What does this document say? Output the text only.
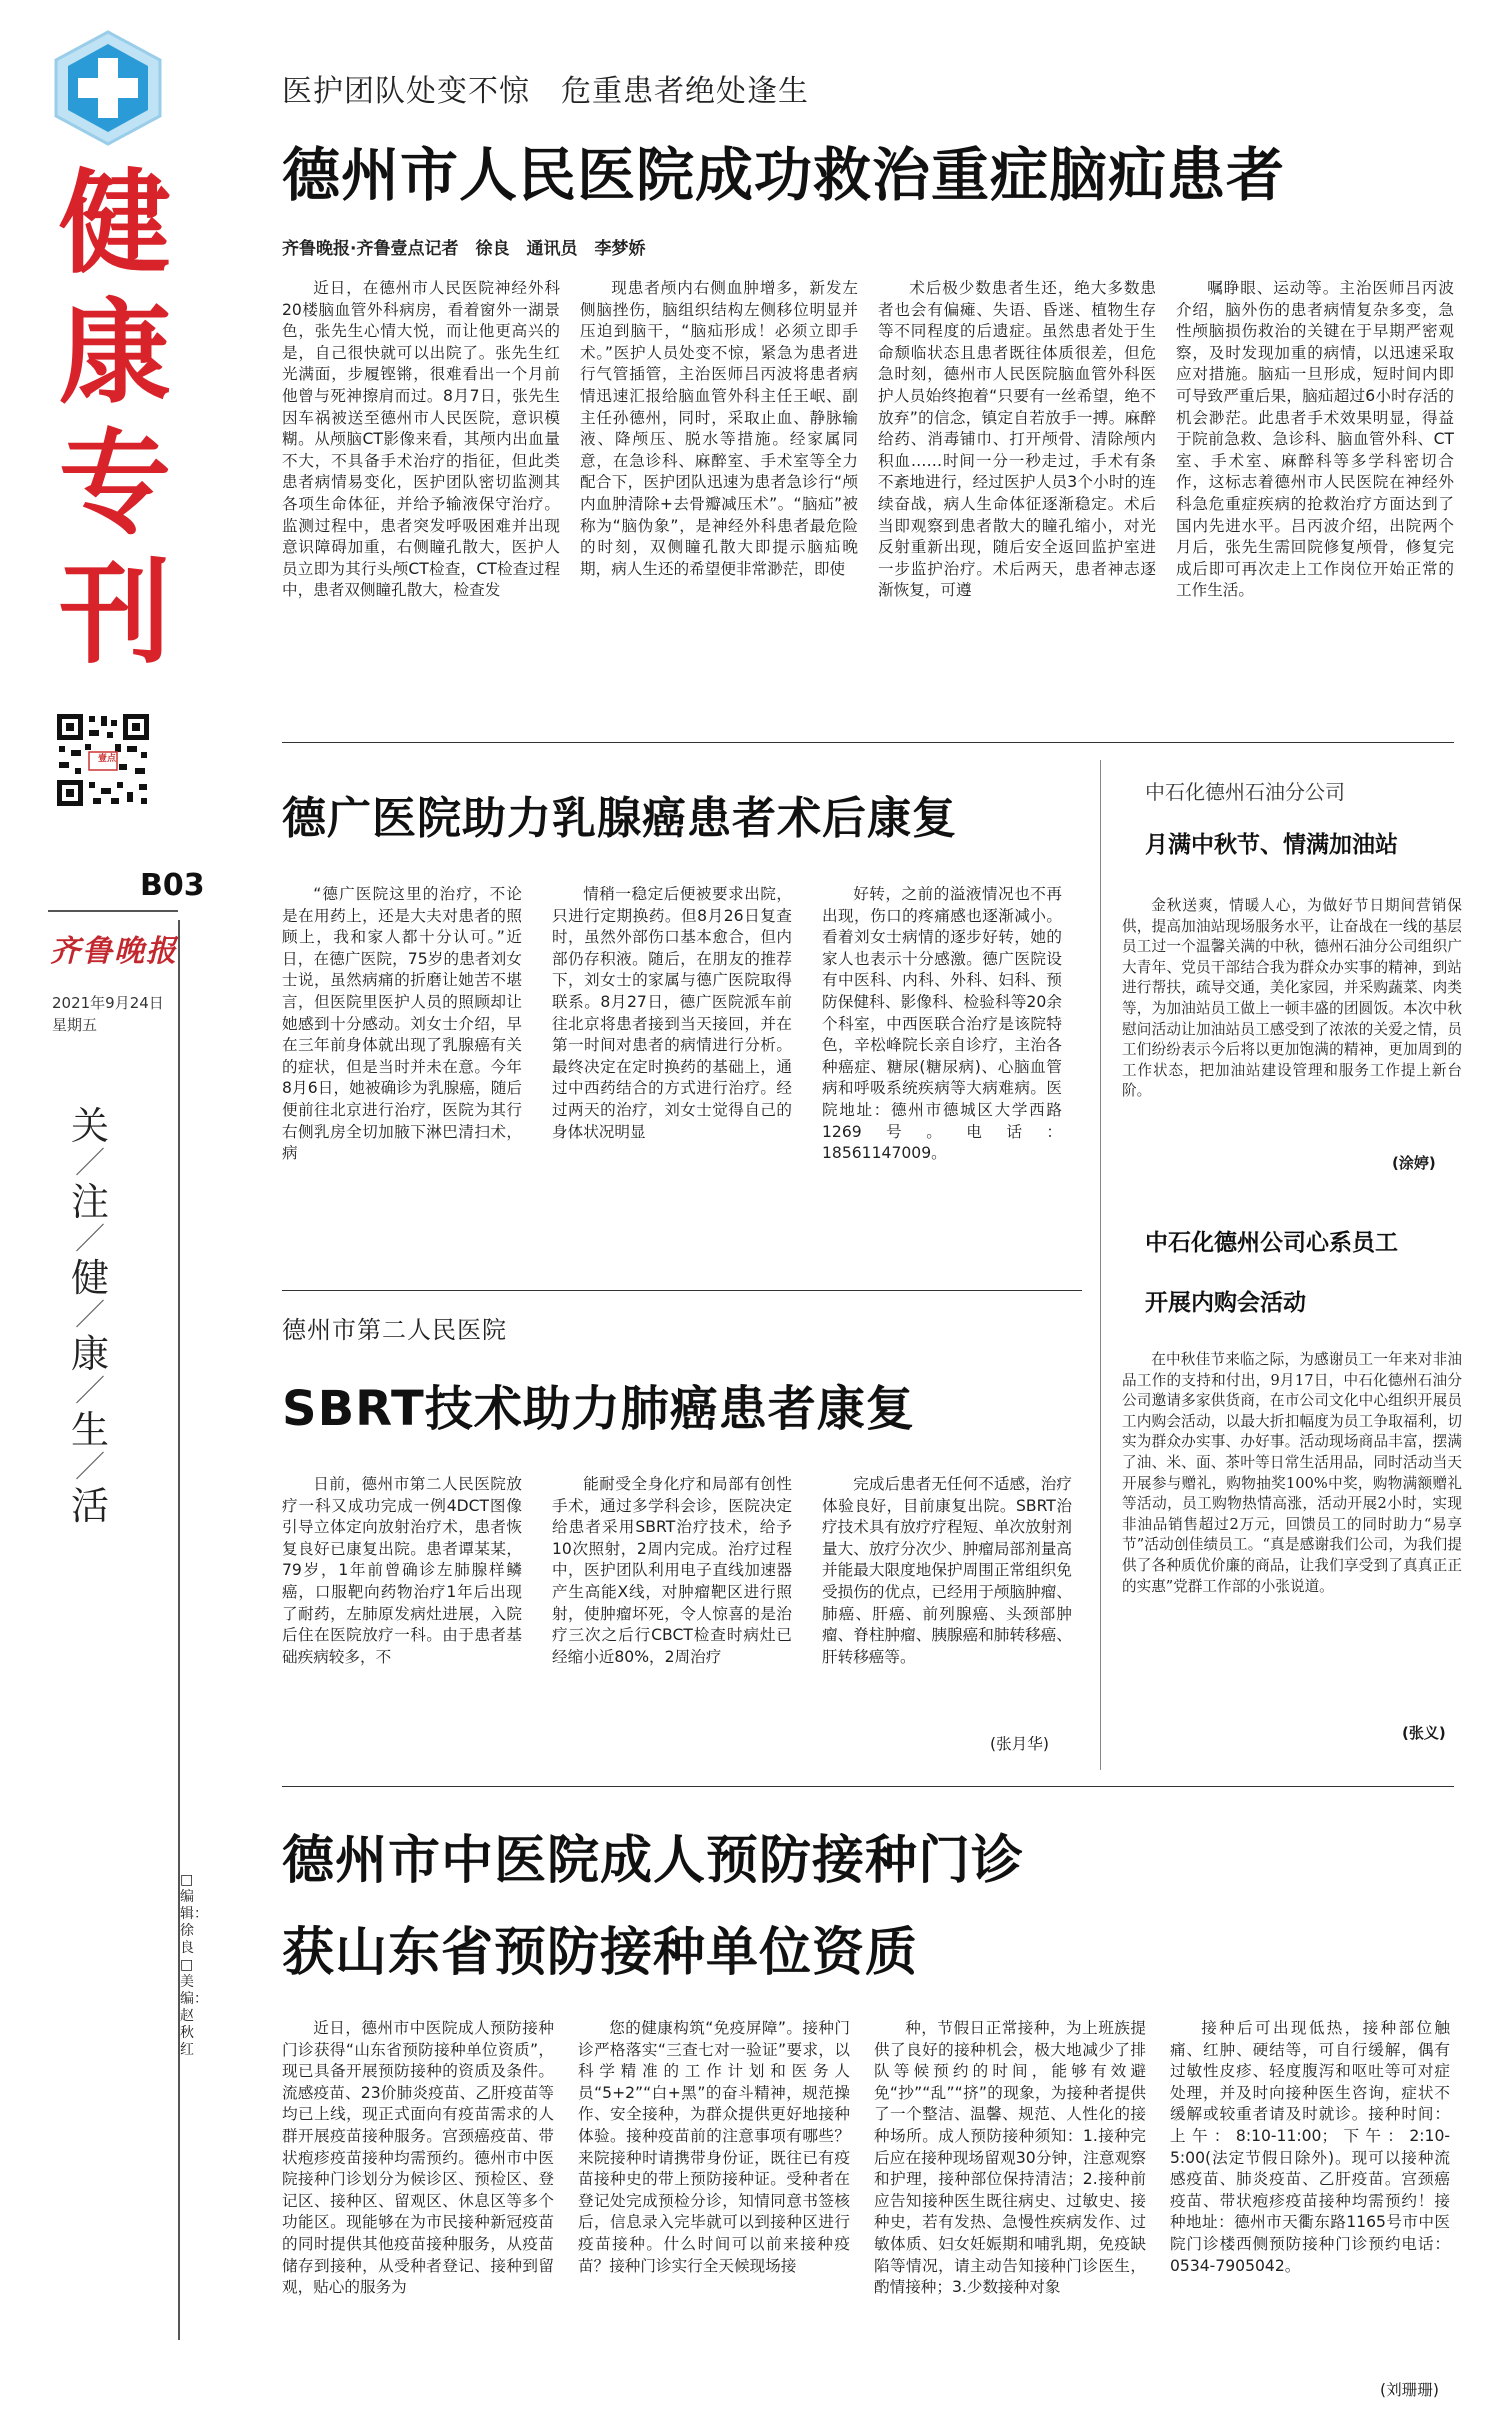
健
康
专
刊
壹点
B03
齐鲁晚报
2021年9月24日
星期五
关
／
注
／
健
／
康
／
生
／
活
□编辑：徐良 □美编：赵秋红
医护团队处变不惊　危重患者绝处逢生
德州市人民医院成功救治重症脑疝患者
齐鲁晚报·齐鲁壹点记者　徐良　通讯员　李梦娇

近日，在德州市人民医院神经外科20楼脑血管外科病房，看着窗外一湖景色，张先生心情大悦，而让他更高兴的是，自己很快就可以出院了。张先生红光满面，步履铿锵，很难看出一个月前他曾与死神擦肩而过。8月7日，张先生因车祸被送至德州市人民医院，意识模糊。从颅脑CT影像来看，其颅内出血量不大，不具备手术治疗的指征，但此类患者病情易变化，医护团队密切监测其各项生命体征，并给予输液保守治疗。监测过程中，患者突发呼吸困难并出现意识障碍加重，右侧瞳孔散大，医护人员立即为其行头颅CT检查，CT检查过程中，患者双侧瞳孔散大，检查发

现患者颅内右侧血肿增多，新发左侧脑挫伤，脑组织结构左侧移位明显并压迫到脑干，“脑疝形成！必须立即手术。”医护人员处变不惊，紧急为患者进行气管插管，主治医师吕丙波将患者病情迅速汇报给脑血管外科主任王岷、副主任孙德州，同时，采取止血、静脉输液、降颅压、脱水等措施。经家属同意，在急诊科、麻醉室、手术室等全力配合下，医护团队迅速为患者急诊行“颅内血肿清除+去骨瓣减压术”。“脑疝”被称为“脑伪象”，是神经外科患者最危险的时刻，双侧瞳孔散大即提示脑疝晚期，病人生还的希望便非常渺茫，即使

术后极少数患者生还，绝大多数患者也会有偏瘫、失语、昏迷、植物生存等不同程度的后遗症。虽然患者处于生命颓临状态且患者既往体质很差，但危急时刻，德州市人民医院脑血管外科医护人员始终抱着“只要有一丝希望，绝不放弃”的信念，镇定自若放手一搏。麻醉给药、消毒铺巾、打开颅骨、清除颅内积血……时间一分一秒走过，手术有条不紊地进行，经过医护人员3个小时的连续奋战，病人生命体征逐渐稳定。术后当即观察到患者散大的瞳孔缩小，对光反射重新出现，随后安全返回监护室进一步监护治疗。术后两天，患者神志逐渐恢复，可遵

嘱睁眼、运动等。主治医师吕丙波介绍，脑外伤的患者病情复杂多变，急性颅脑损伤救治的关键在于早期严密观察，及时发现加重的病情，以迅速采取应对措施。脑疝一旦形成，短时间内即可导致严重后果，脑疝超过6小时存活的机会渺茫。此患者手术效果明显，得益于院前急救、急诊科、脑血管外科、CT室、手术室、麻醉科等多学科密切合作，这标志着德州市人民医院在神经外科急危重症疾病的抢救治疗方面达到了国内先进水平。吕丙波介绍，出院两个月后，张先生需回院修复颅骨，修复完成后即可再次走上工作岗位开始正常的工作生活。

德广医院助力乳腺癌患者术后康复

“德广医院这里的治疗，不论是在用药上，还是大夫对患者的照顾上，我和家人都十分认可。”近日，在德广医院，75岁的患者刘女士说，虽然病痛的折磨让她苦不堪言，但医院里医护人员的照顾却让她感到十分感动。刘女士介绍，早在三年前身体就出现了乳腺癌有关的症状，但是当时并未在意。今年8月6日，她被确诊为乳腺癌，随后便前往北京进行治疗，医院为其行右侧乳房全切加腋下淋巴清扫术，病

情稍一稳定后便被要求出院，只进行定期换药。但8月26日复查时，虽然外部伤口基本愈合，但内部仍存积液。随后，在朋友的推荐下，刘女士的家属与德广医院取得联系。8月27日，德广医院派车前往北京将患者接到当天接回，并在第一时间对患者的病情进行分析。最终决定在定时换药的基础上，通过中西药结合的方式进行治疗。经过两天的治疗，刘女士觉得自己的身体状况明显

好转，之前的溢液情况也不再出现，伤口的疼痛感也逐渐减小。看着刘女士病情的逐步好转，她的家人也表示十分感激。德广医院设有中医科、内科、外科、妇科、预防保健科、影像科、检验科等20余个科室，中西医联合治疗是该院特色，辛松峰院长亲自诊疗，主治各种癌症、糖尿(糖尿病)、心脑血管病和呼吸系统疾病等大病难病。医院地址：德州市德城区大学西路1269号。电话：18561147009。

德州市第二人民医院
SBRT技术助力肺癌患者康复

日前，德州市第二人民医院放疗一科又成功完成一例4DCT图像引导立体定向放射治疗术，患者恢复良好已康复出院。患者谭某某，79岁，1年前曾确诊左肺腺样鳞癌，口服靶向药物治疗1年后出现了耐药，左肺原发病灶进展，入院后住在医院放疗一科。由于患者基础疾病较多，不

能耐受全身化疗和局部有创性手术，通过多学科会诊，医院决定给患者采用SBRT治疗技术，给予10次照射，2周内完成。治疗过程中，医护团队利用电子直线加速器产生高能X线，对肿瘤靶区进行照射，使肿瘤坏死，令人惊喜的是治疗三次之后行CBCT检查时病灶已经缩小近80%，2周治疗

完成后患者无任何不适感，治疗体验良好，目前康复出院。SBRT治疗技术具有放疗疗程短、单次放射剂量大、放疗分次少、肿瘤局部剂量高并能最大限度地保护周围正常组织免受损伤的优点，已经用于颅脑肿瘤、肺癌、肝癌、前列腺癌、头颈部肿瘤、脊柱肿瘤、胰腺癌和肺转移癌、肝转移癌等。

(张月华)
中石化德州石油分公司
月满中秋节、情满加油站

金秋送爽，情暖人心，为做好节日期间营销保供，提高加油站现场服务水平，让奋战在一线的基层员工过一个温馨关满的中秋，德州石油分公司组织广大青年、党员干部结合我为群众办实事的精神，到站进行帮扶，疏导交通，美化家园，并采购蔬菜、肉类等，为加油站员工做上一顿丰盛的团圆饭。本次中秋慰问活动让加油站员工感受到了浓浓的关爱之情，员工们纷纷表示今后将以更加饱满的精神，更加周到的工作状态，把加油站建设管理和服务工作提上新台阶。

(涂婷)
中石化德州公司心系员工
开展内购会活动

在中秋佳节来临之际，为感谢员工一年来对非油品工作的支持和付出，9月17日，中石化德州石油分公司邀请多家供货商，在市公司文化中心组织开展员工内购会活动，以最大折扣幅度为员工争取福利，切实为群众办实事、办好事。活动现场商品丰富，摆满了油、米、面、茶叶等日常生活用品，同时活动当天开展参与赠礼，购物抽奖100%中奖，购物满额赠礼等活动，员工购物热情高涨，活动开展2小时，实现非油品销售超过2万元，回馈员工的同时助力“易享节”活动创佳绩员工。“真是感谢我们公司，为我们提供了各种质优价廉的商品，让我们享受到了真真正正的实惠”党群工作部的小张说道。

(张义)
德州市中医院成人预防接种门诊
获山东省预防接种单位资质

近日，德州市中医院成人预防接种门诊获得“山东省预防接种单位资质”，现已具备开展预防接种的资质及条件。流感疫苗、23价肺炎疫苗、乙肝疫苗等均已上线，现正式面向有疫苗需求的人群开展疫苗接种服务。宫颈癌疫苗、带状疱疹疫苗接种均需预约。德州市中医院接种门诊划分为候诊区、预检区、登记区、接种区、留观区、休息区等多个功能区。现能够在为市民接种新冠疫苗的同时提供其他疫苗接种服务，从疫苗储存到接种，从受种者登记、接种到留观，贴心的服务为

您的健康构筑“免疫屏障”。接种门诊严格落实“三查七对一验证”要求，以科学精准的工作计划和医务人员“5+2”“白+黑”的奋斗精神，规范操作、安全接种，为群众提供更好地接种体验。接种疫苗前的注意事项有哪些？来院接种时请携带身份证，既往已有疫苗接种史的带上预防接种证。受种者在登记处完成预检分诊，知情同意书签核后，信息录入完毕就可以到接种区进行疫苗接种。什么时间可以前来接种疫苗？接种门诊实行全天候现场接

种，节假日正常接种，为上班族提供了良好的接种机会，极大地减少了排队等候预约的时间，能够有效避免“抄”“乱”“挤”的现象，为接种者提供了一个整洁、温馨、规范、人性化的接种场所。成人预防接种须知：1.接种完后应在接种现场留观30分钟，注意观察和护理，接种部位保持清洁；2.接种前应告知接种医生既往病史、过敏史、接种史，若有发热、急慢性疾病发作、过敏体质、妇女妊娠期和哺乳期，免疫缺陷等情况，请主动告知接种门诊医生，酌情接种；3.少数接种对象

接种后可出现低热，接种部位触痛、红肿、硬结等，可自行缓解，偶有过敏性皮疹、轻度腹泻和呕吐等可对症处理，并及时向接种医生咨询，症状不缓解或较重者请及时就诊。接种时间：上午：8:10-11:00；下午：2:10-5:00(法定节假日除外)。现可以接种流感疫苗、肺炎疫苗、乙肝疫苗。宫颈癌疫苗、带状疱疹疫苗接种均需预约！接种地址：德州市天衢东路1165号市中医院门诊楼西侧预防接种门诊预约电话：0534-7905042。

(刘珊珊)
